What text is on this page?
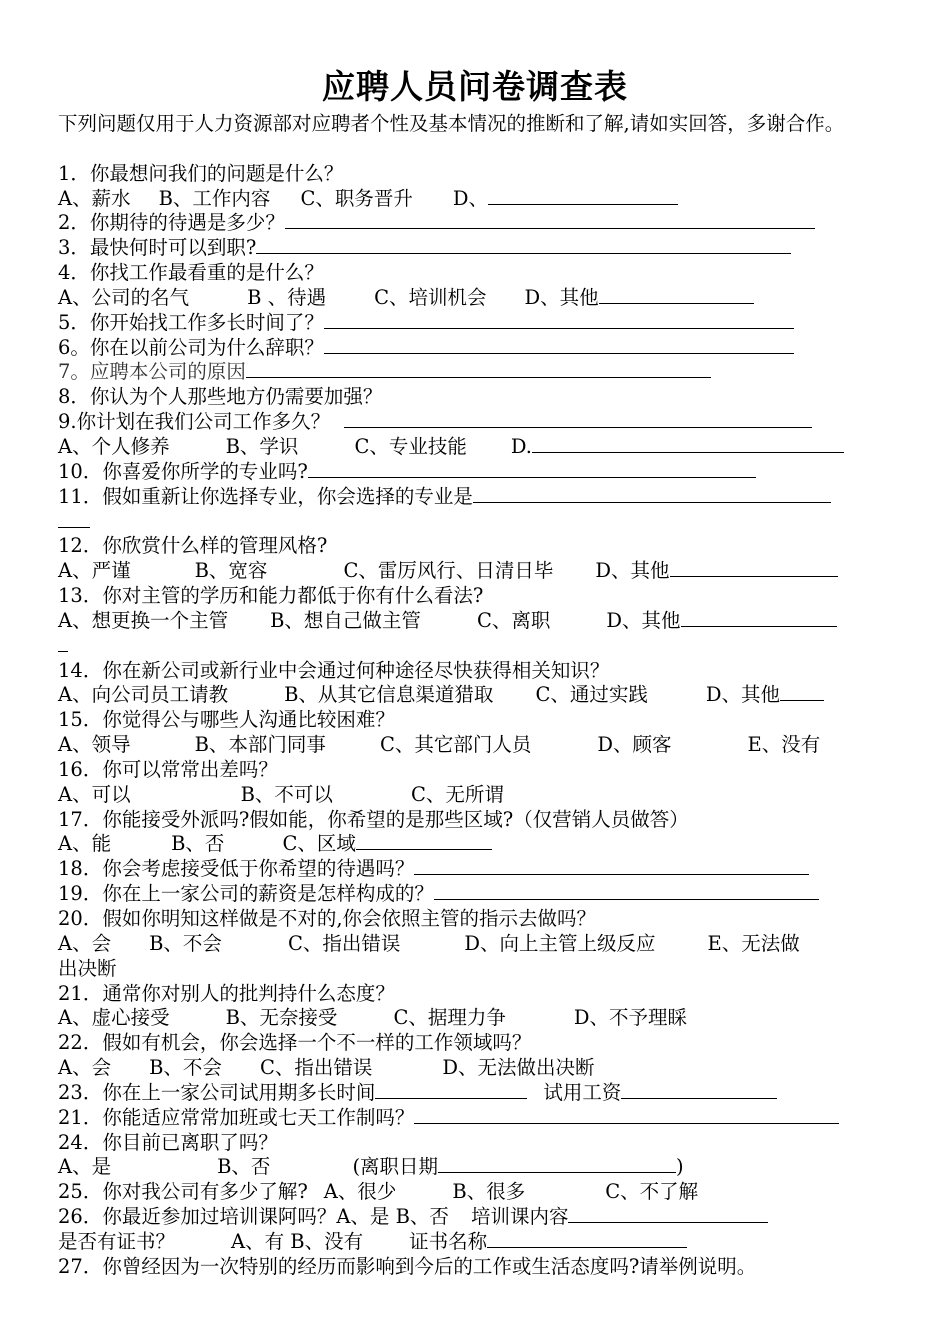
应聘人员问卷调查表
下列问题仅用于人力资源部对应聘者个性及基本情况的推断和了解,请如实回答，多谢合作。
1．你最想问我们的问题是什么？
A、薪水 B、工作内容 C、职务晋升 D、
2．你期待的待遇是多少？
3．最快何时可以到职?
4．你找工作最看重的是什么？
A、公司的名气	B 、待遇 C、培训机会 D、其他
5．你开始找工作多长时间了？
6。你在以前公司为什么辞职？
7。应聘本公司的原因
8．你认为个人那些地方仍需要加强？
9.你计划在我们公司工作多久？
A、个人修养	B、学识	C、专业技能 D.
10．你喜爱你所学的专业吗?
11．假如重新让你选择专业，你会选择的专业是
12．你欣赏什么样的管理风格?
A、严谨	B、宽容	C、雷厉风行、日清日毕 D、其他
13．你对主管的学历和能力都低于你有什么看法?
A、想更换一个主管 B、想自己做主管	C、离职	D、其他
14．你在新公司或新行业中会通过何种途径尽快获得相关知识？
A、向公司员工请教	B、从其它信息渠道猎取 C、通过实践	D、其他
15．你觉得公与哪些人沟通比较困难？
A、领导	B、本部门同事	C、其它部门人员	D、顾客	E、没有
16．你可以常常出差吗？
A、可以	B、不可以	C、无所谓
17．你能接受外派吗?假如能，你希望的是那些区域?（仅营销人员做答）
A、能	B、否	C、区域
18．你会考虑接受低于你希望的待遇吗？
19．你在上一家公司的薪资是怎样构成的？
20．假如你明知这样做是不对的,你会依照主管的指示去做吗？
A、会 B、不会	C、指出错误	D、向上主管上级反应	E、无法做
出决断
21．通常你对别人的批判持什么态度？
A、虚心接受	B、无奈接受	C、据理力争	D、不予理睬
22．假如有机会，你会选择一个不一样的工作领域吗？
A、会 B、不会 C、指出错误	D、无法做出决断
23．你在上一家公司试用期多长时间	试用工资
21．你能适应常常加班或七天工作制吗？
24．你目前已离职了吗？
A、是	B、否	(离职日期	)
25．你对我公司有多少了解? A、很少	B、很多	C、不了解
26．你最近参加过培训课阿吗？A、是 B、否 培训课内容
是否有证书？	A、有 B、没有 证书名称
27．你曾经因为一次特别的经历而影响到今后的工作或生活态度吗?请举例说明。
